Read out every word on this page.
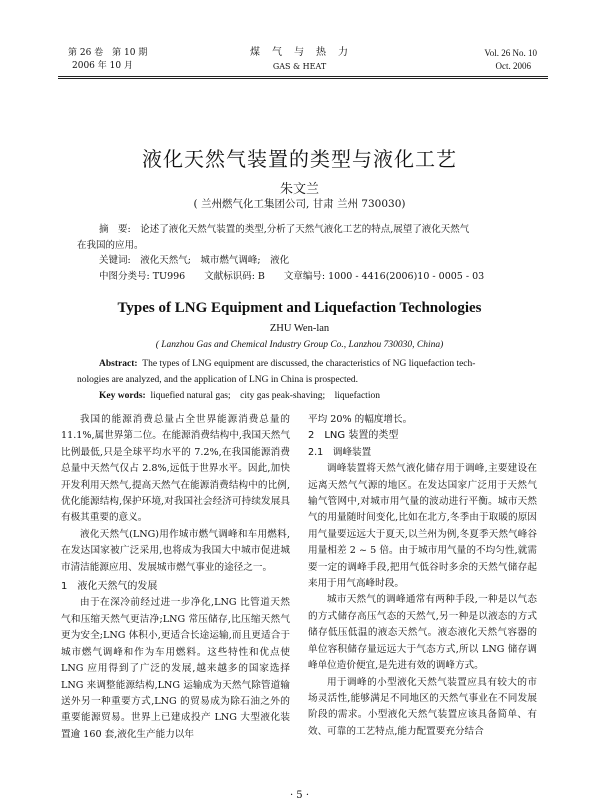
第 26 卷　第 10 期
2006 年 10 月
煤　气　与　热　力
GAS & HEAT
Vol. 26 No. 10
Oct. 2006
液化天然气装置的类型与液化工艺
朱文兰
( 兰州燃气化工集团公司, 甘肃 兰州 730030)

摘　要:　 论述了液化天然气装置的类型,分析了天然气液化工艺的特点,展望了液化天然气

在我国的应用。

关键词:　 液化天然气;　城市燃气调峰;　液化

中图分类号: TU996　　文献标识码: B　　文章编号: 1000 - 4416(2006)10 - 0005 - 03

Types of LNG Equipment and Liquefaction Technologies
ZHU Wen-lan
( Lanzhou Gas and Chemical Industry Group Co., Lanzhou 730030, China)

Abstract: The types of LNG equipment are discussed, the characteristics of NG liquefaction tech-

nologies are analyzed, and the application of LNG in China is prospected.

Key words: liquefied natural gas;　city gas peak-shaving;　liquefaction

我国的能源消费总量占全世界能源消费总量的 11.1%,属世界第二位。在能源消费结构中,我国天然气比例最低,只是全球平均水平的 7.2%,在我国能源消费总量中天然气仅占 2.8%,远低于世界水平。因此,加快开发利用天然气,提高天然气在能源消费结构中的比例,优化能源结构,保护环境,对我国社会经济可持续发展具有极其重要的意义。

液化天然气(LNG)用作城市燃气调峰和车用燃料,在发达国家被广泛采用,也将成为我国大中城市促进城市清洁能源应用、发展城市燃气事业的途径之一。

1　液化天然气的发展

由于在深冷前经过进一步净化,LNG 比管道天然气和压缩天然气更洁净;LNG 常压储存,比压缩天然气更为安全;LNG 体积小,更适合长途运输,而且更适合于城市燃气调峰和作为车用燃料。这些特性和优点使 LNG 应用得到了广泛的发展,越来越多的国家选择 LNG 来调整能源结构,LNG 运输成为天然气除管道输送外另一种重要方式,LNG 的贸易成为除石油之外的重要能源贸易。世界上已建成投产 LNG 大型液化装置逾 160 套,液化生产能力以年

平均 20% 的幅度增长。

2　LNG 装置的类型
2.1　调峰装置

调峰装置将天然气液化储存用于调峰,主要建设在远离天然气气源的地区。在发达国家广泛用于天然气输气管网中,对城市用气量的波动进行平衡。城市天然气的用量随时间变化,比如在北方,冬季由于取暖的原因用气量要远远大于夏天,以兰州为例,冬夏季天然气峰谷用量相差 2 ~ 5 倍。由于城市用气量的不均匀性,就需要一定的调峰手段,把用气低谷时多余的天然气储存起来用于用气高峰时段。

城市天然气的调峰通常有两种手段,一种是以气态的方式储存高压气态的天然气,另一种是以液态的方式储存低压低温的液态天然气。液态液化天然气容器的单位容积储存量远远大于气态方式,所以 LNG 储存调峰单位造价便宜,是先进有效的调峰方式。

用于调峰的小型液化天然气装置应具有较大的市场灵活性,能够满足不同地区的天然气事业在不同发展阶段的需求。小型液化天然气装置应该具备简单、有效、可靠的工艺特点,能力配置要充分结合

· 5 ·
